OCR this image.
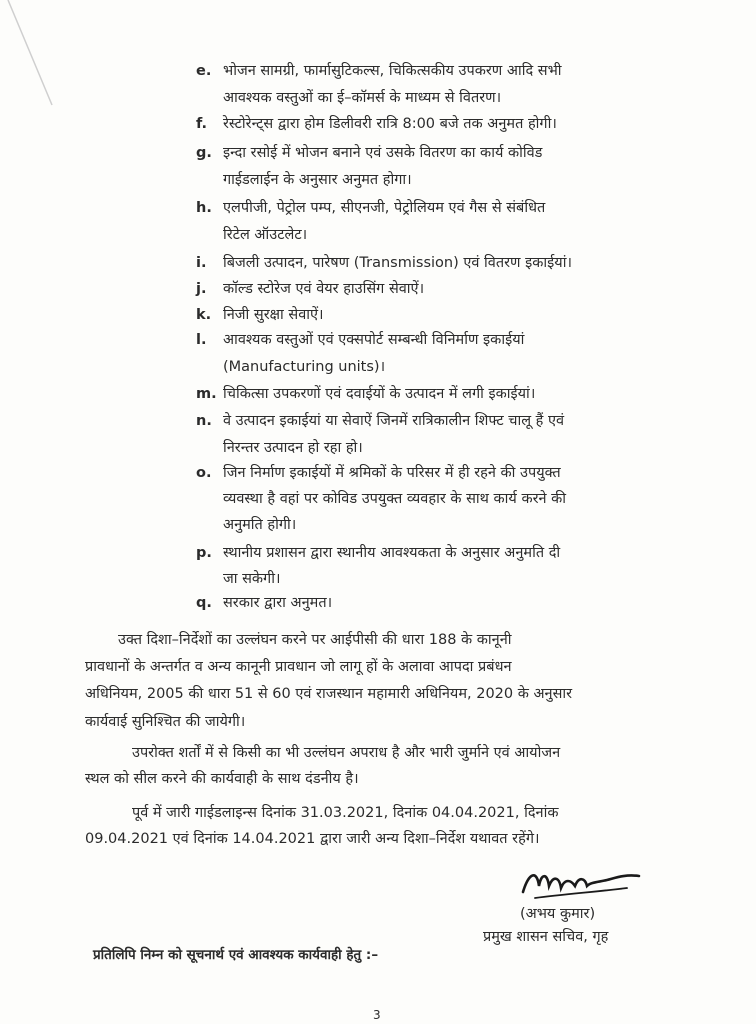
e. भोजन सामग्री, फार्मासुटिकल्स, चिकित्सकीय उपकरण आदि सभी
आवश्यक वस्तुओं का ई–कॉमर्स के माध्यम से वितरण।
f. रेस्टोरेन्ट्स द्वारा होम डिलीवरी रात्रि 8:00 बजे तक अनुमत होगी।
g. इन्दा रसोई में भोजन बनाने एवं उसके वितरण का कार्य कोविड
गाईडलाईन के अनुसार अनुमत होगा।
h. एलपीजी, पेट्रोल पम्प, सीएनजी, पेट्रोलियम एवं गैस से संबंधित
रिटेल ऑउटलेट।
i. बिजली उत्पादन, पारेषण (Transmission) एवं वितरण इकाईयां।
j. कॉल्ड स्टोरेज एवं वेयर हाउसिंग सेवाऐं।
k. निजी सुरक्षा सेवाऐं।
l. आवश्यक वस्तुओं एवं एक्सपोर्ट सम्बन्धी विनिर्माण इकाईयां
(Manufacturing units)।
m. चिकित्सा उपकरणों एवं दवाईयों के उत्पादन में लगी इकाईयां।
n. वे उत्पादन इकाईयां या सेवाऐं जिनमें रात्रिकालीन शिफ्ट चालू हैं एवं
निरन्तर उत्पादन हो रहा हो।
o. जिन निर्माण इकाईयों में श्रमिकों के परिसर में ही रहने की उपयुक्त
व्यवस्था है वहां पर कोविड उपयुक्त व्यवहार के साथ कार्य करने की
अनुमति होगी।
p. स्थानीय प्रशासन द्वारा स्थानीय आवश्यकता के अनुसार अनुमति दी
जा सकेगी।
q. सरकार द्वारा अनुमत।
उक्त दिशा–निर्देशों का उल्लंघन करने पर आईपीसी की धारा 188 के कानूनी
प्रावधानों के अन्तर्गत व अन्य कानूनी प्रावधान जो लागू हों के अलावा आपदा प्रबंधन
अधिनियम, 2005 की धारा 51 से 60 एवं राजस्थान महामारी अधिनियम, 2020 के अनुसार
कार्यवाई सुनिश्चित की जायेगी।
उपरोक्त शर्तों में से किसी का भी उल्लंघन अपराध है और भारी जुर्माने एवं आयोजन
स्थल को सील करने की कार्यवाही के साथ दंडनीय है।
पूर्व में जारी गाईडलाइन्स दिनांक 31.03.2021, दिनांक 04.04.2021, दिनांक
09.04.2021 एवं दिनांक 14.04.2021 द्वारा जारी अन्य दिशा–निर्देश यथावत रहेंगे।
(अभय कुमार)
प्रमुख शासन सचिव, गृह
प्रतिलिपि निम्न को सूचनार्थ एवं आवश्यक कार्यवाही हेतु :–
3
